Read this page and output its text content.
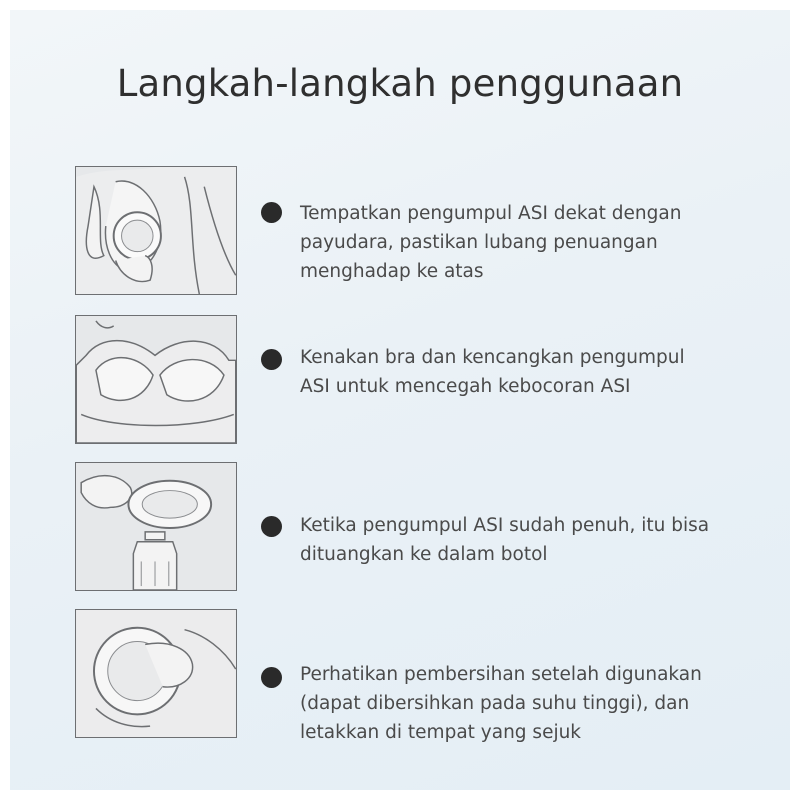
Langkah-langkah penggunaan
Tempatkan pengumpul ASI dekat dengan payudara, pastikan lubang penuangan menghadap ke atas
Kenakan bra dan kencangkan pengumpul ASI untuk mencegah kebocoran ASI
Ketika pengumpul ASI sudah penuh, itu bisa dituangkan ke dalam botol
Perhatikan pembersihan setelah digunakan (dapat dibersihkan pada suhu tinggi), dan letakkan di tempat yang sejuk
